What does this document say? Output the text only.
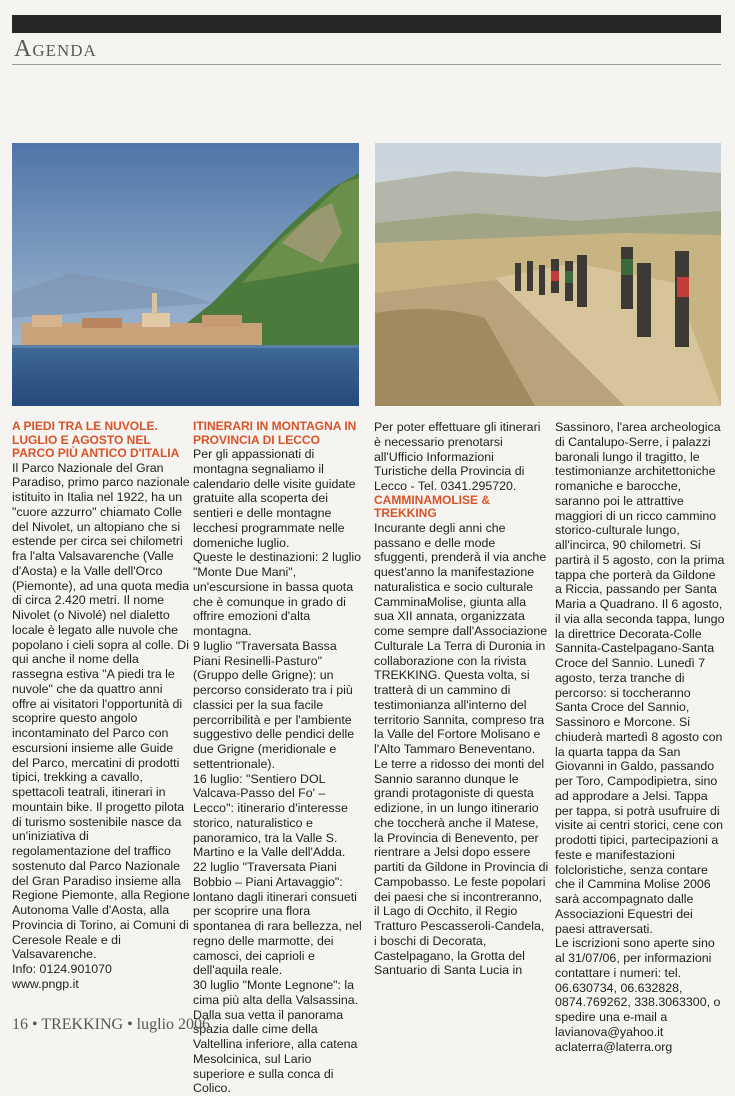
Agenda

A PIEDI TRA LE NUVOLE. LUGLIO E AGOSTO NEL PARCO PIÙ ANTICO D'ITALIA

Il Parco Nazionale del Gran Paradiso, primo parco nazionale istituito in Italia nel 1922, ha un "cuore azzurro" chiamato Colle del Nivolet, un altopiano che si estende per circa sei chilometri fra l'alta Valsavarenche (Valle d'Aosta) e la Valle dell'Orco (Piemonte), ad una quota media di circa 2.420 metri. Il nome Nivolet (o Nivolé) nel dialetto locale è legato alle nuvole che popolano i cieli sopra al colle. Di qui anche il nome della rassegna estiva "A piedi tra le nuvole" che da quattro anni offre ai visitatori l'opportunità di scoprire questo angolo incontaminato del Parco con escursioni insieme alle Guide del Parco, mercatini di prodotti tipici, trekking a cavallo, spettacoli teatrali, itinerari in mountain bike. Il progetto pilota di turismo sostenibile nasce da un'iniziativa di regolamentazione del traffico sostenuto dal Parco Nazionale del Gran Paradiso insieme alla Regione Piemonte, alla Regione Autonoma Valle d'Aosta, alla Provincia di Torino, ai Comuni di Ceresole Reale e di Valsavarenche.

Info: 0124.901070

www.pngp.it

ITINERARI IN MONTAGNA IN PROVINCIA DI LECCO

Per gli appassionati di montagna segnaliamo il calendario delle visite guidate gratuite alla scoperta dei sentieri e delle montagne lecchesi programmate nelle domeniche luglio.

Queste le destinazioni: 2 luglio "Monte Due Mani", un'escursione in bassa quota che è comunque in grado di offrire emozioni d'alta montagna.

9 luglio "Traversata Bassa Piani Resinelli-Pasturo" (Gruppo delle Grigne): un percorso considerato tra i più classici per la sua facile percorribilità e per l'ambiente suggestivo delle pendici delle due Grigne (meridionale e settentrionale).

16 luglio: "Sentiero DOL Valcava-Passo del Fo' – Lecco": itinerario d'interesse storico, naturalistico e panoramico, tra la Valle S. Martino e la Valle dell'Adda.

22 luglio "Traversata Piani Bobbio – Piani Artavaggio": lontano dagli itinerari consueti per scoprire una flora spontanea di rara bellezza, nel regno delle marmotte, dei camosci, dei caprioli e dell'aquila reale.

30 luglio "Monte Legnone": la cima più alta della Valsassina. Dalla sua vetta il panorama spazia dalle cime della Valtellina inferiore, alla catena Mesolcinica, sul Lario superiore e sulla conca di Colico.

Per poter effettuare gli itinerari è necessario prenotarsi all'Ufficio Informazioni Turistiche della Provincia di Lecco - Tel. 0341.295720.

CAMMINAMOLISE & TREKKING

Incurante degli anni che passano e delle mode sfuggenti, prenderà il via anche quest'anno la manifestazione naturalistica e socio culturale CamminaMolise, giunta alla sua XII annata, organizzata come sempre dall'Associazione Culturale La Terra di Duronia in collaborazione con la rivista TREKKING. Questa volta, si tratterà di un cammino di testimonianza all'interno del territorio Sannita, compreso tra la Valle del Fortore Molisano e l'Alto Tammaro Beneventano. Le terre a ridosso dei monti del Sannio saranno dunque le grandi protagoniste di questa edizione, in un lungo itinerario che toccherà anche il Matese, la Provincia di Benevento, per rientrare a Jelsi dopo essere partiti da Gildone in Provincia di Campobasso. Le feste popolari dei paesi che si incontreranno, il Lago di Occhito, il Regio Tratturo Pescasseroli-Candela, i boschi di Decorata, Castelpagano, la Grotta del Santuario di Santa Lucia in

Sassinoro, l'area archeologica di Cantalupo-Serre, i palazzi baronali lungo il tragitto, le testimonianze architettoniche romaniche e barocche, saranno poi le attrattive maggiori di un ricco cammino storico-culturale lungo, all'incirca, 90 chilometri. Si partirà il 5 agosto, con la prima tappa che porterà da Gildone a Riccia, passando per Santa Maria a Quadrano. Il 6 agosto, il via alla seconda tappa, lungo la direttrice Decorata-Colle Sannita-Castelpagano-Santa Croce del Sannio. Lunedì 7 agosto, terza tranche di percorso: si toccheranno Santa Croce del Sannio, Sassinoro e Morcone. Si chiuderà martedì 8 agosto con la quarta tappa da San Giovanni in Galdo, passando per Toro, Campodipietra, sino ad approdare a Jelsi. Tappa per tappa, si potrà usufruire di visite ai centri storici, cene con prodotti tipici, partecipazioni a feste e manifestazioni folcloristiche, senza contare che il Cammina Molise 2006 sarà accompagnato dalle Associazioni Equestri dei paesi attraversati.

Le iscrizioni sono aperte sino al 31/07/06, per informazioni contattare i numeri: tel. 06.630734, 06.632828, 0874.769262, 338.3063300, o spedire una e-mail a

lavianova@yahoo.it

aclaterra@laterra.org

16 • TREKKING • luglio 2006
